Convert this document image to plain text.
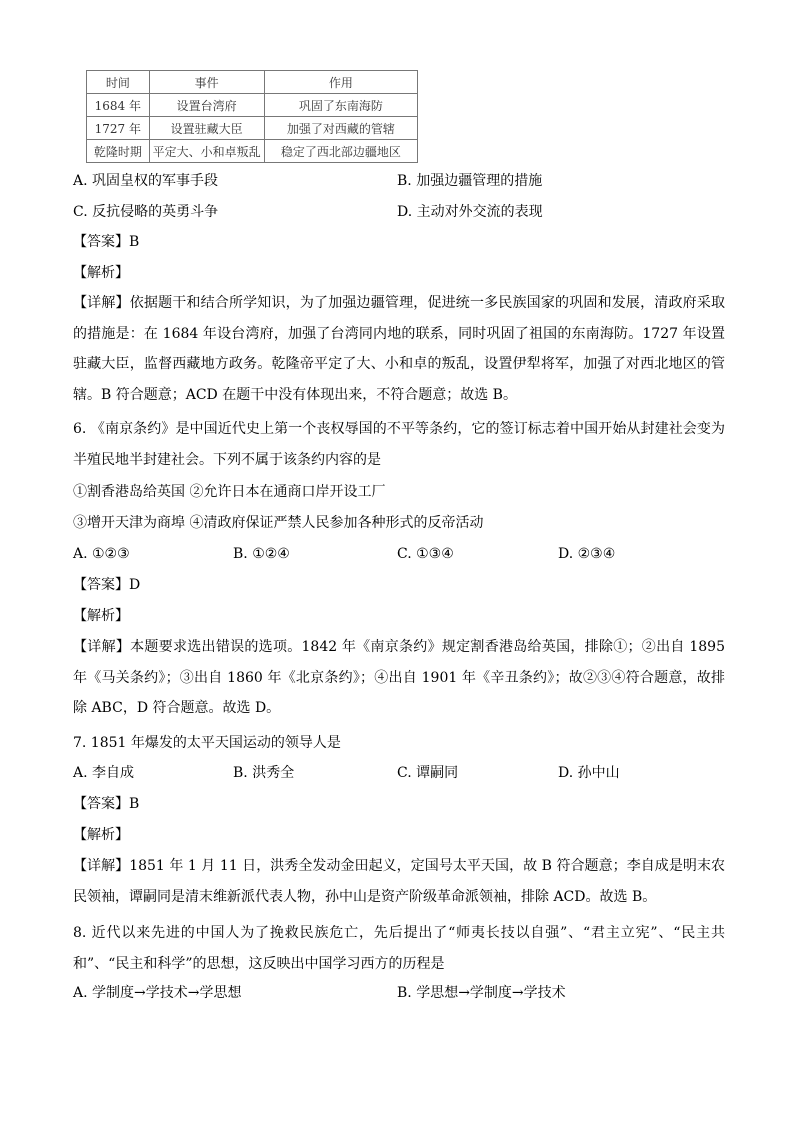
时间	事件	作用
1684 年	设置台湾府	巩固了东南海防
1727 年	设置驻藏大臣	加强了对西藏的管辖
乾隆时期	平定大、小和卓叛乱	稳定了西北部边疆地区
A. 巩固皇权的军事手段	B. 加强边疆管理的措施
C. 反抗侵略的英勇斗争	D. 主动对外交流的表现
【答案】B
【解析】
【详解】依据题干和结合所学知识，为了加强边疆管理，促进统一多民族国家的巩固和发展，清政府采取的措施是：在 1684 年设台湾府，加强了台湾同内地的联系，同时巩固了祖国的东南海防。1727 年设置驻藏大臣，监督西藏地方政务。乾隆帝平定了大、小和卓的叛乱，设置伊犁将军，加强了对西北地区的管辖。B 符合题意；ACD 在题干中没有体现出来，不符合题意；故选 B。
6. 《南京条约》是中国近代史上第一个丧权辱国的不平等条约，它的签订标志着中国开始从封建社会变为半殖民地半封建社会。下列不属于该条约内容的是
①割香港岛给英国 ②允许日本在通商口岸开设工厂
③增开天津为商埠 ④清政府保证严禁人民参加各种形式的反帝活动
A. ①②③	B. ①②④	C. ①③④	D. ②③④
【答案】D
【解析】
【详解】本题要求选出错误的选项。1842 年《南京条约》规定割香港岛给英国，排除①；②出自 1895 年《马关条约》；③出自 1860 年《北京条约》；④出自 1901 年《辛丑条约》；故②③④符合题意，故排除 ABC，D 符合题意。故选 D。
7. 1851 年爆发的太平天国运动的领导人是
A. 李自成	B. 洪秀全	C. 谭嗣同	D. 孙中山
【答案】B
【解析】
【详解】1851 年 1 月 11 日，洪秀全发动金田起义，定国号太平天国，故 B 符合题意；李自成是明末农民领袖，谭嗣同是清末维新派代表人物，孙中山是资产阶级革命派领袖，排除 ACD。故选 B。
8. 近代以来先进的中国人为了挽救民族危亡，先后提出了“师夷长技以自强”、“君主立宪”、“民主共和”、“民主和科学”的思想，这反映出中国学习西方的历程是
A. 学制度→学技术→学思想	B. 学思想→学制度→学技术
